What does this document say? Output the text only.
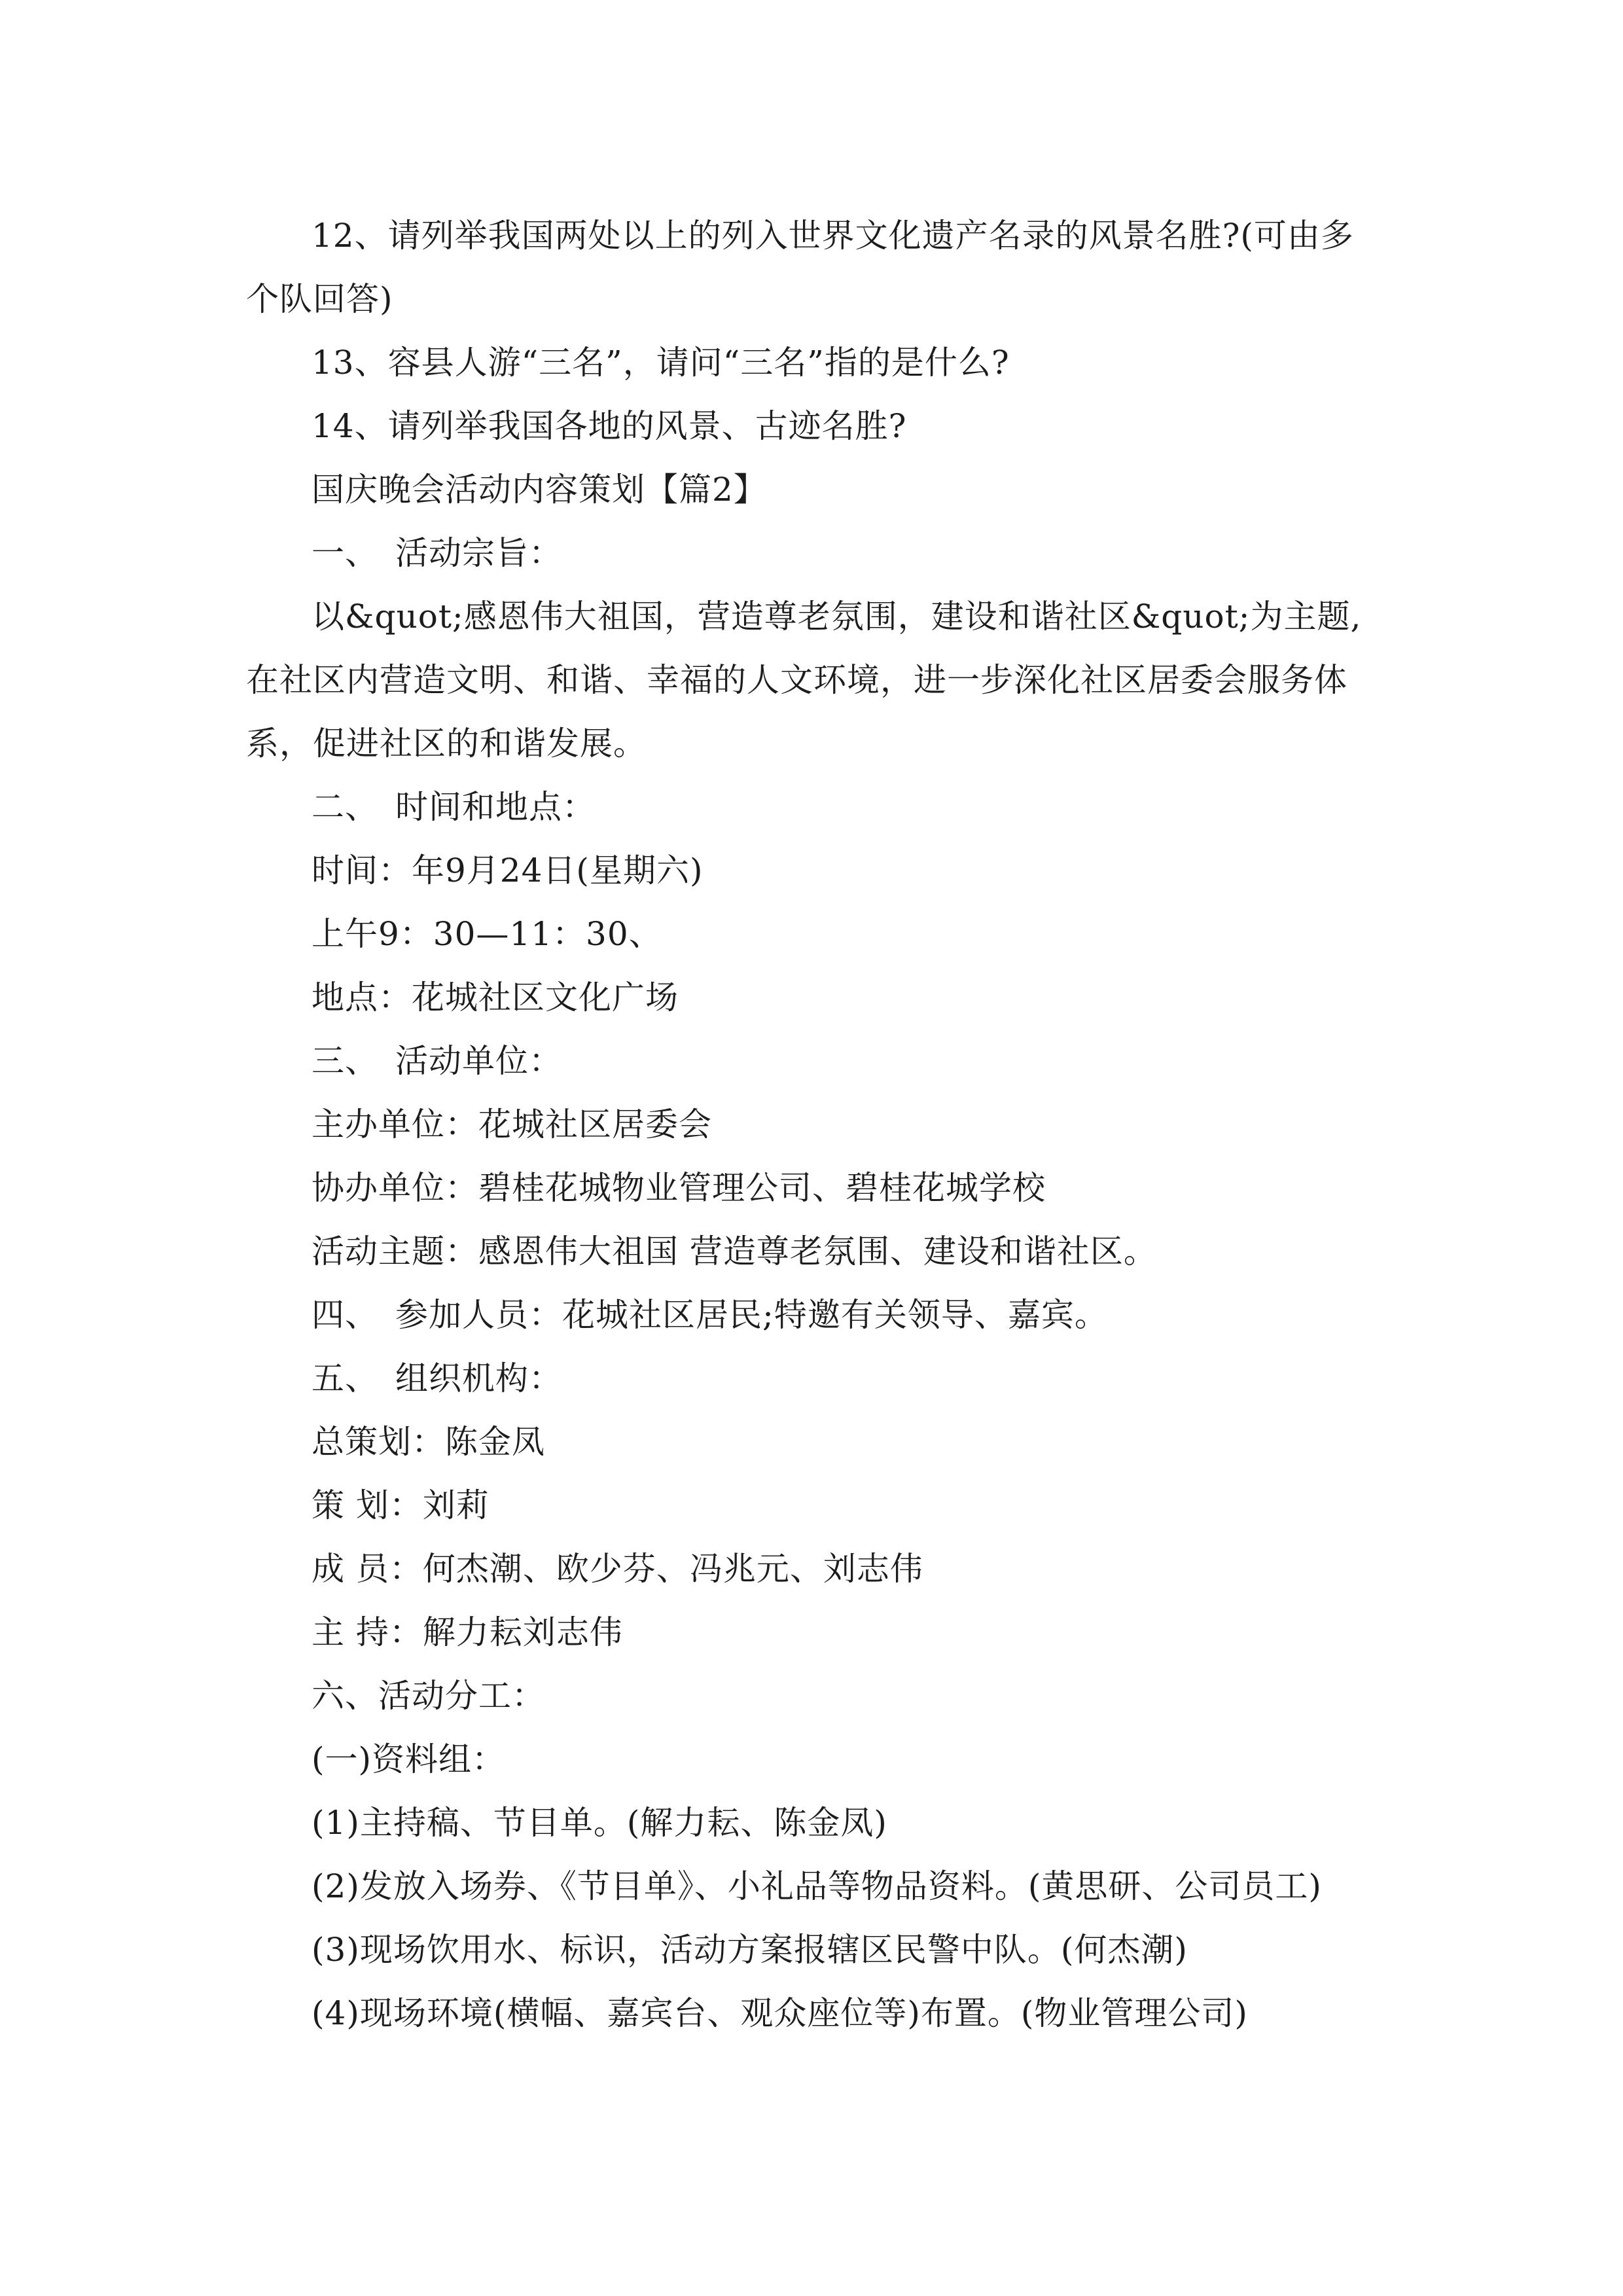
12、请列举我国两处以上的列入世界文化遗产名录的风景名胜?(可由多个队回答)

13、容县人游“三名”，请问“三名”指的是什么?

14、请列举我国各地的风景、古迹名胜?

国庆晚会活动内容策划【篇2】

一、　活动宗旨：

以&quot;感恩伟大祖国，营造尊老氛围，建设和谐社区&quot;为主题,在社区内营造文明、和谐、幸福的人文环境，进一步深化社区居委会服务体系，促进社区的和谐发展。

二、　时间和地点：

时间：年9月24日(星期六)

上午9：30—11：30、

地点：花城社区文化广场

三、　活动单位：

主办单位：花城社区居委会

协办单位：碧桂花城物业管理公司、碧桂花城学校

活动主题：感恩伟大祖国 营造尊老氛围、建设和谐社区。

四、　参加人员：花城社区居民;特邀有关领导、嘉宾。

五、　组织机构：

总策划：陈金凤

策 划：刘莉

成 员：何杰潮、欧少芬、冯兆元、刘志伟

主 持：解力耘刘志伟

六、活动分工：

(一)资料组：

(1)主持稿、节目单。(解力耘、陈金凤)

(2)发放入场券、《节目单》、小礼品等物品资料。(黄思研、公司员工)

(3)现场饮用水、标识，活动方案报辖区民警中队。(何杰潮)

(4)现场环境(横幅、嘉宾台、观众座位等)布置。(物业管理公司)
